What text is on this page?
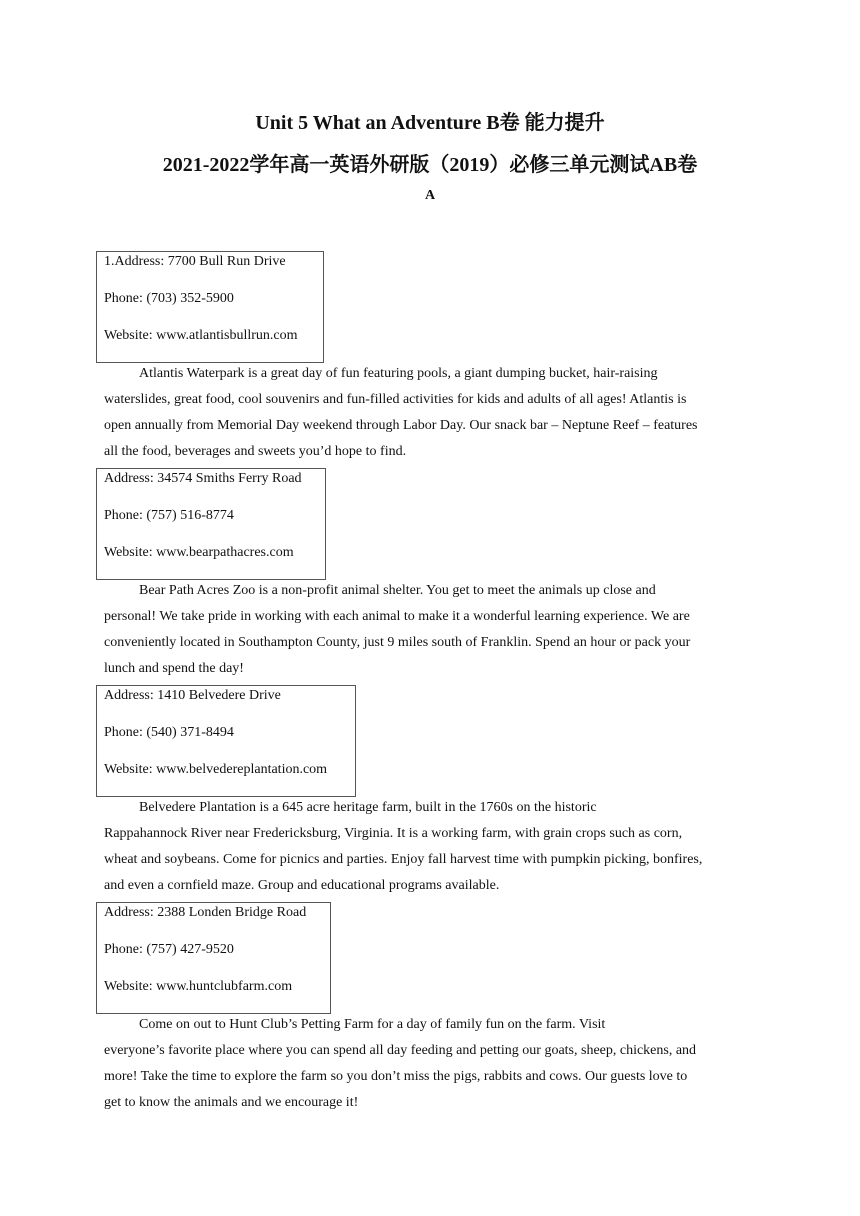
Unit 5 What an Adventure B卷 能力提升
2021-2022学年高一英语外研版（2019）必修三单元测试AB卷
A
1.Address: 7700 Bull Run Drive
Phone: (703) 352-5900
Website: www.atlantisbullrun.com

Atlantis Waterpark is a great day of fun featuring pools, a giant dumping bucket, hair-raising
waterslides, great food, cool souvenirs and fun-filled activities for kids and adults of all ages! Atlantis is
open annually from Memorial Day weekend through Labor Day. Our snack bar – Neptune Reef – features
all the food, beverages and sweets you’d hope to find.

Address: 34574 Smiths Ferry Road
Phone: (757) 516-8774
Website: www.bearpathacres.com

Bear Path Acres Zoo is a non-profit animal shelter. You get to meet the animals up close and
personal! We take pride in working with each animal to make it a wonderful learning experience. We are
conveniently located in Southampton County, just 9 miles south of Franklin. Spend an hour or pack your
lunch and spend the day!

Address: 1410 Belvedere Drive
Phone: (540) 371-8494
Website: www.belvedereplantation.com

Belvedere Plantation is a 645 acre heritage farm, built in the 1760s on the historic
Rappahannock River near Fredericksburg, Virginia. It is a working farm, with grain crops such as corn,
wheat and soybeans. Come for picnics and parties. Enjoy fall harvest time with pumpkin picking, bonfires,
and even a cornfield maze. Group and educational programs available.

Address: 2388 Londen Bridge Road
Phone: (757) 427-9520
Website: www.huntclubfarm.com

Come on out to Hunt Club’s Petting Farm for a day of family fun on the farm. Visit
everyone’s favorite place where you can spend all day feeding and petting our goats, sheep, chickens, and
more! Take the time to explore the farm so you don’t miss the pigs, rabbits and cows. Our guests love to
get to know the animals and we encourage it!
